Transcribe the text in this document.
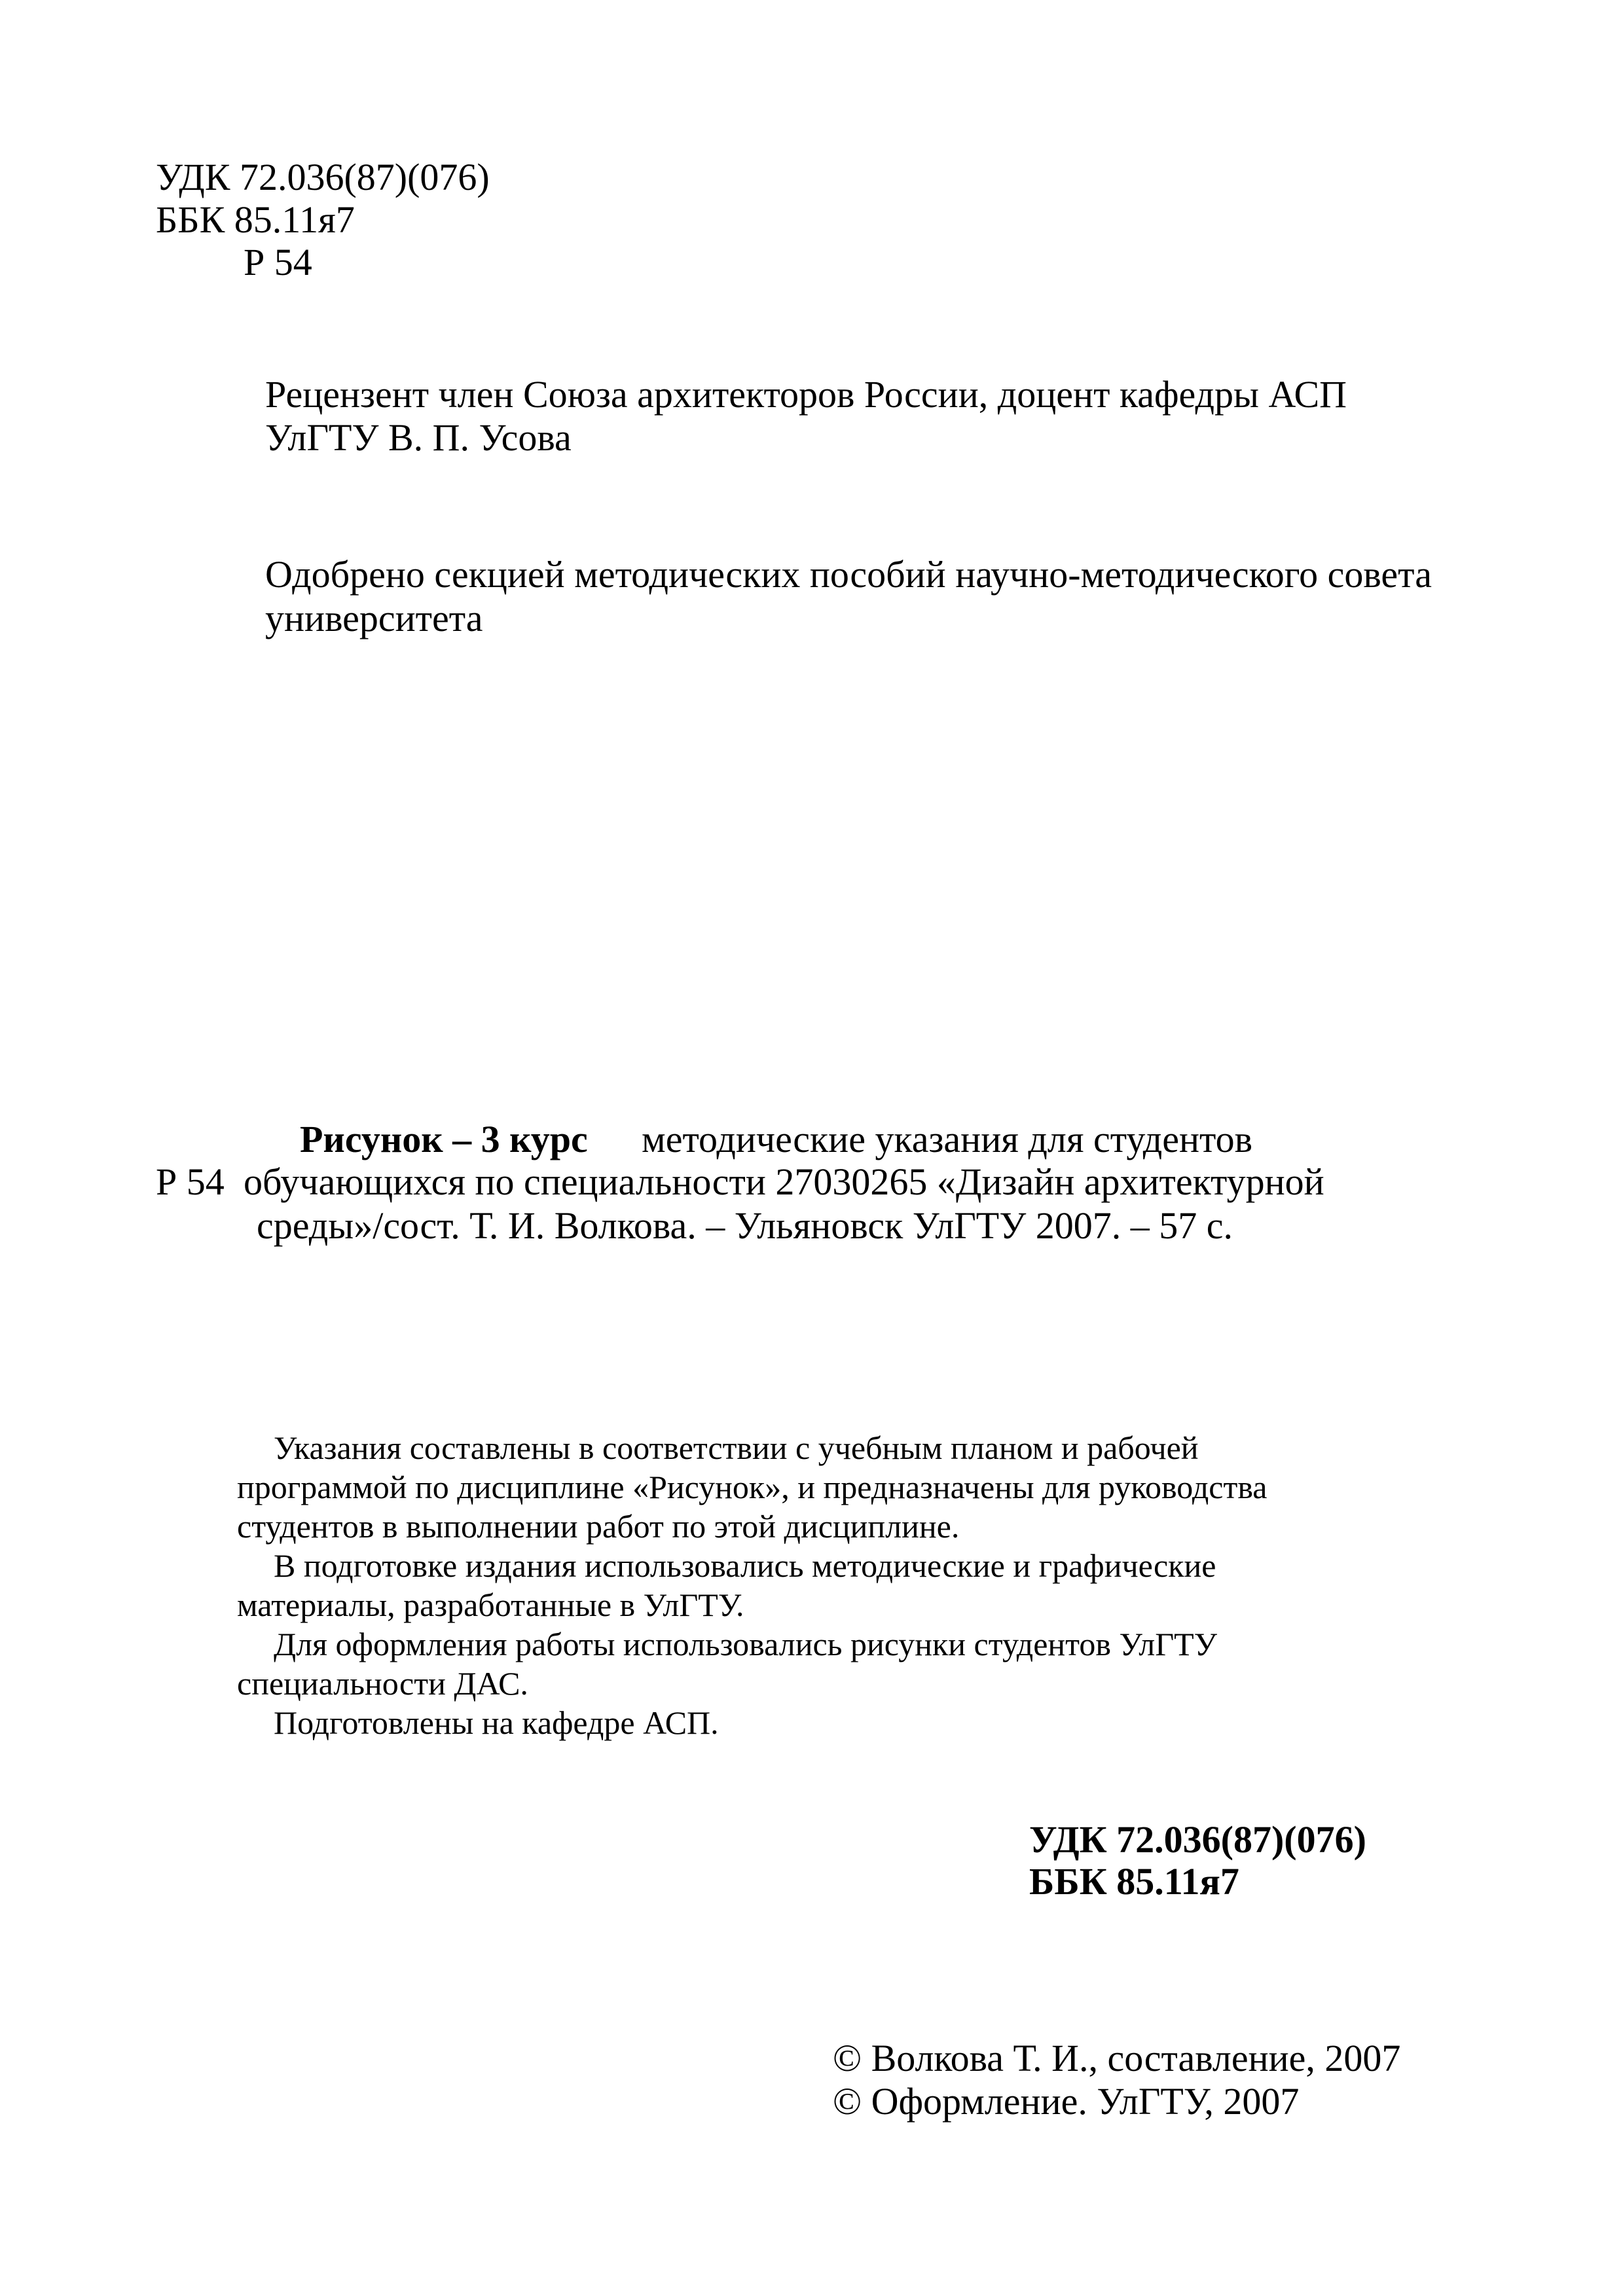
УДК 72.036(87)(076)
ББК 85.11я7
Р 54
Рецензент член Союза архитекторов России, доцент кафедры АСП
УлГТУ В. П. Усова
Одобрено секцией методических пособий научно-методического совета
университета
Рисунок – 3 курс методические указания для студентов
Р 54 обучающихся по специальности 27030265 «Дизайн архитектурной
среды»/сост. Т. И. Волкова. – Ульяновск УлГТУ 2007. – 57 с.
Указания составлены в соответствии с учебным планом и рабочей
программой по дисциплине «Рисунок», и предназначены для руководства
студентов в выполнении работ по этой дисциплине.
В подготовке издания использовались методические и графические
материалы, разработанные в УлГТУ.
Для оформления работы использовались рисунки студентов УлГТУ
специальности ДАС.
Подготовлены на кафедре АСП.
УДК 72.036(87)(076)
ББК 85.11я7
© Волкова Т. И., составление, 2007
© Оформление. УлГТУ, 2007
